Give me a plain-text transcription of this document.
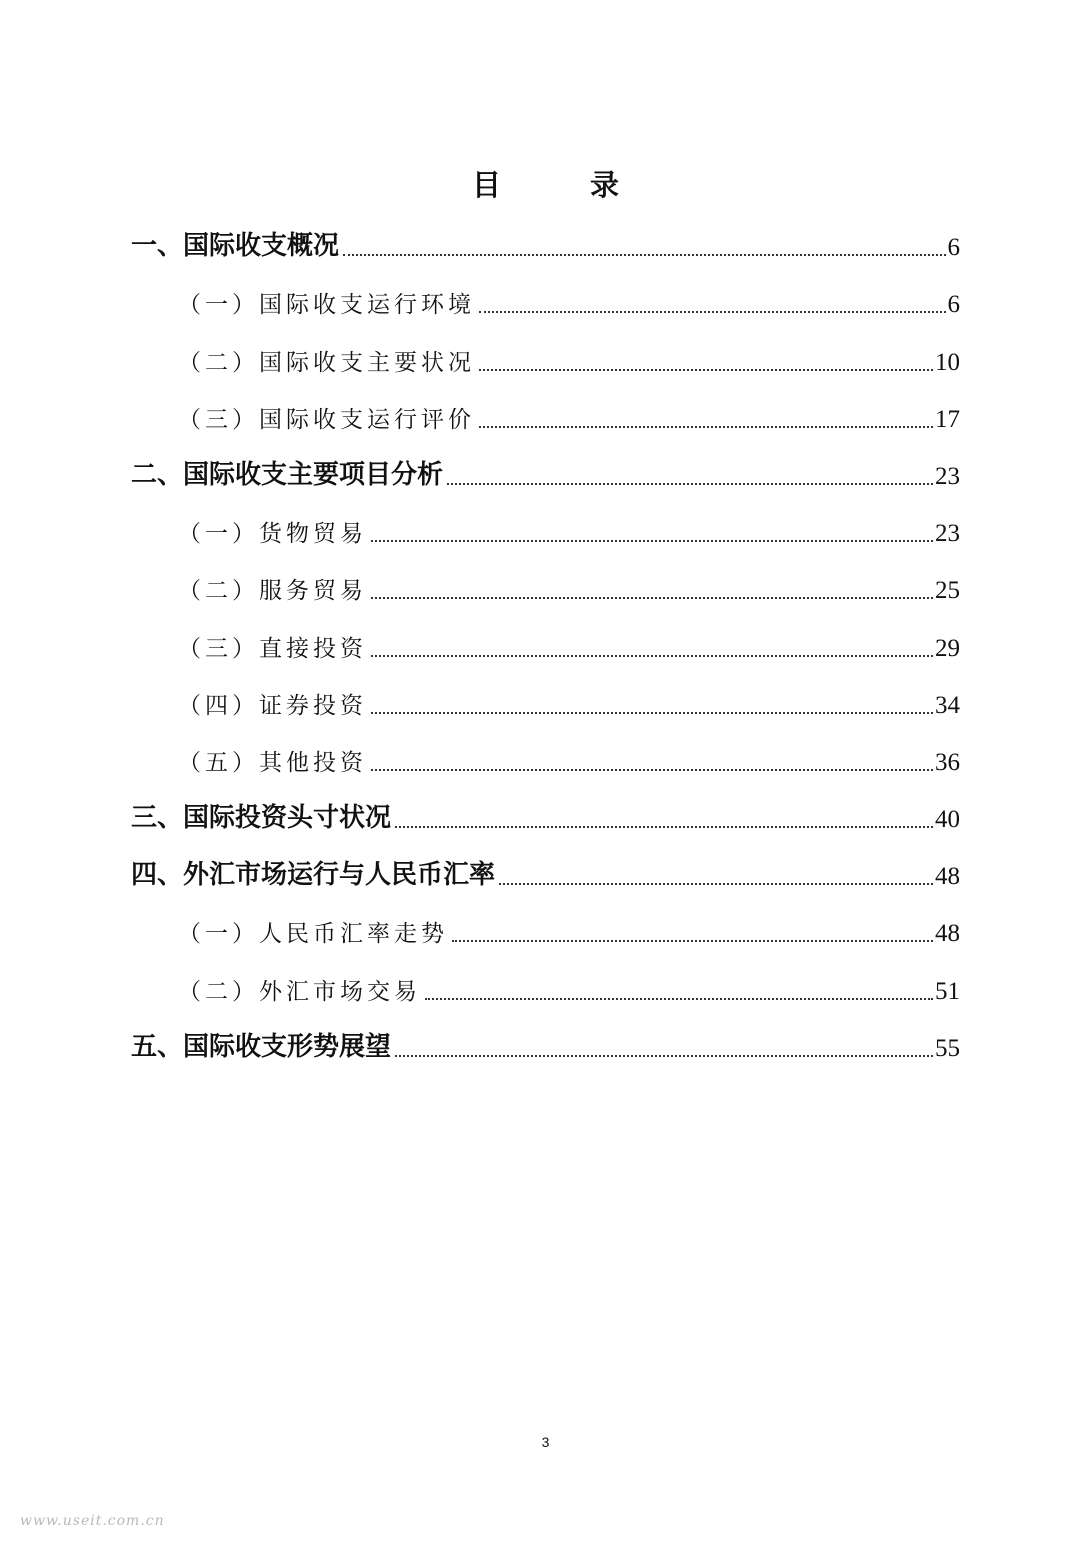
目　录
一、国际收支概况	6
（一）国际收支运行环境	6
（二）国际收支主要状况	10
（三）国际收支运行评价	17
二、国际收支主要项目分析	23
（一）货物贸易	23
（二）服务贸易	25
（三）直接投资	29
（四）证券投资	34
（五）其他投资	36
三、国际投资头寸状况	40
四、外汇市场运行与人民币汇率	48
（一）人民币汇率走势	48
（二）外汇市场交易	51
五、国际收支形势展望	55
3
www.useit.com.cn
